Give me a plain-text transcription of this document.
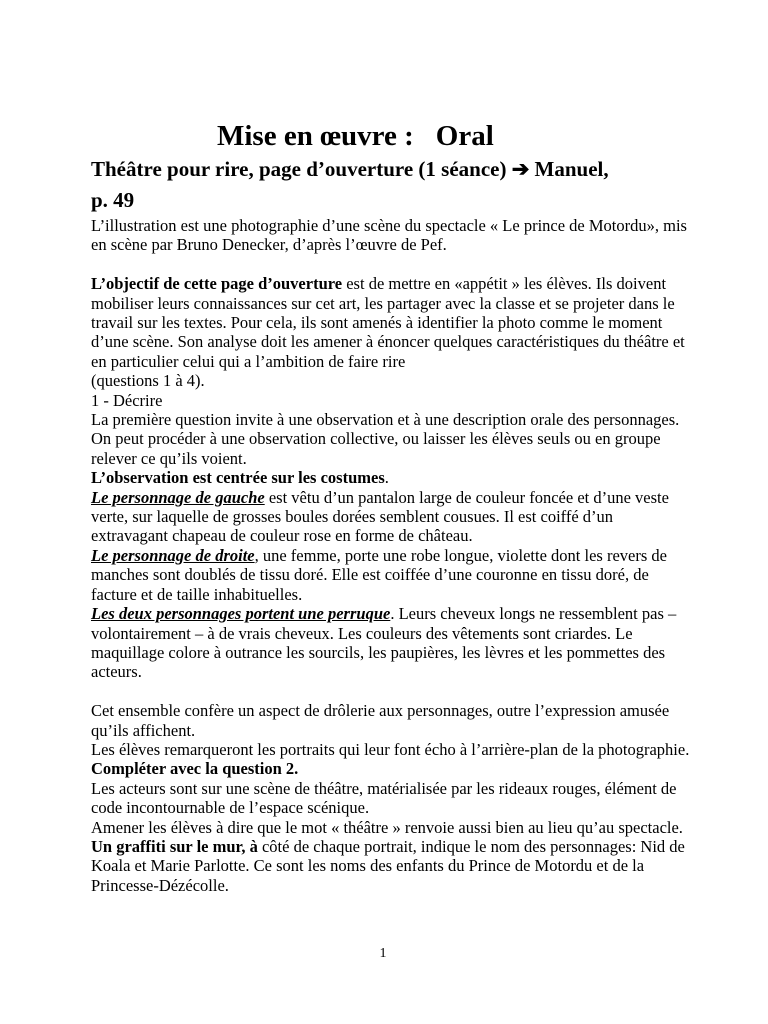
Mise en œuvre : Oral
Théâtre pour rire, page d’ouverture (1 séance) ➔ Manuel,
p. 49

L’illustration est une photographie d’une scène du spectacle « Le prince de Motordu», mis en scène par Bruno Denecker, d’après l’œuvre de Pef.

L’objectif de cette page d’ouverture est de mettre en «appétit » les élèves. Ils doivent mobiliser leurs connaissances sur cet art, les partager avec la classe et se projeter dans le travail sur les textes. Pour cela, ils sont amenés à identifier la photo comme le moment d’une scène. Son analyse doit les amener à énoncer quelques caractéristiques du théâtre et en particulier celui qui a l’ambition de faire rire

(questions 1 à 4).

1 - Décrire

La première question invite à une observation et à une description orale des personnages. On peut procéder à une observation collective, ou laisser les élèves seuls ou en groupe relever ce qu’ils voient.

L’observation est centrée sur les costumes.

Le personnage de gauche est vêtu d’un pantalon large de couleur foncée et d’une veste verte, sur laquelle de grosses boules dorées semblent cousues. Il est coiffé d’un extravagant chapeau de couleur rose en forme de château.

Le personnage de droite, une femme, porte une robe longue, violette dont les revers de manches sont doublés de tissu doré. Elle est coiffée d’une couronne en tissu doré, de facture et de taille inhabituelles.

Les deux personnages portent une perruque. Leurs cheveux longs ne ressemblent pas – volontairement – à de vrais cheveux. Les couleurs des vêtements sont criardes. Le maquillage colore à outrance les sourcils, les paupières, les lèvres et les pommettes des acteurs.

Cet ensemble confère un aspect de drôlerie aux personnages, outre l’expression amusée qu’ils affichent.

Les élèves remarqueront les portraits qui leur font écho à l’arrière-plan de la photographie.

Compléter avec la question 2.

Les acteurs sont sur une scène de théâtre, matérialisée par les rideaux rouges, élément de code incontournable de l’espace scénique.

Amener les élèves à dire que le mot « théâtre » renvoie aussi bien au lieu qu’au spectacle. Un graffiti sur le mur, à côté de chaque portrait, indique le nom des personnages: Nid de Koala et Marie Parlotte. Ce sont les noms des enfants du Prince de Motordu et de la Princesse-Dézécolle.

1
